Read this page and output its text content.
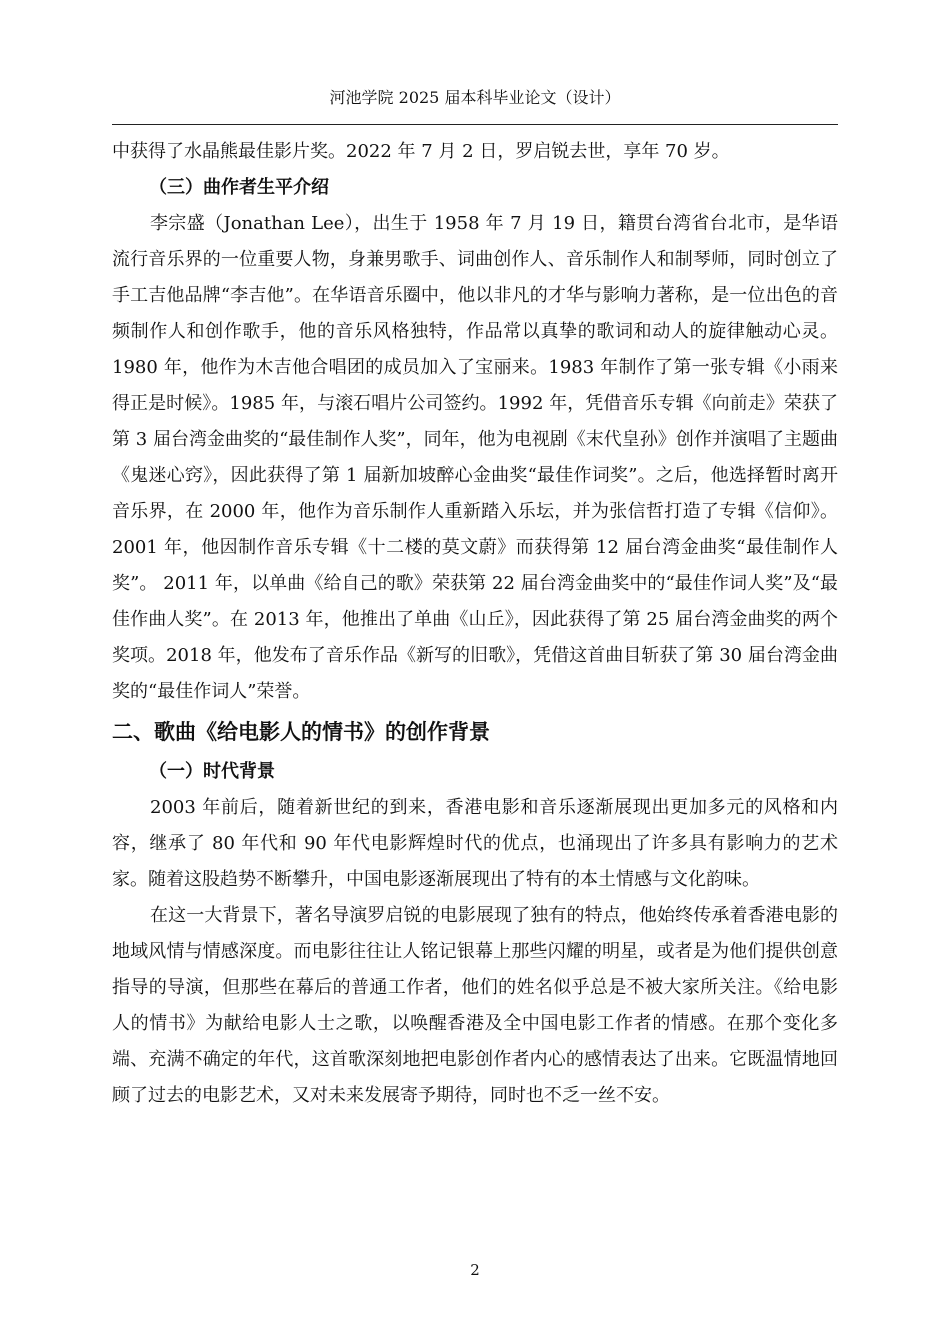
河池学院 2025 届本科毕业论文（设计）

中获得了水晶熊最佳影片奖。2022 年 7 月 2 日，罗启锐去世，享年 70 岁。

（三）曲作者生平介绍

李宗盛（Jonathan Lee），出生于 1958 年 7 月 19 日，籍贯台湾省台北市，是华语流行音乐界的一位重要人物，身兼男歌手、词曲创作人、音乐制作人和制琴师，同时创立了手工吉他品牌“李吉他”。在华语音乐圈中，他以非凡的才华与影响力著称，是一位出色的音频制作人和创作歌手，他的音乐风格独特，作品常以真挚的歌词和动人的旋律触动心灵。1980 年，他作为木吉他合唱团的成员加入了宝丽来。1983 年制作了第一张专辑《小雨来得正是时候》。1985 年，与滚石唱片公司签约。1992 年，凭借音乐专辑《向前走》荣获了第 3 届台湾金曲奖的“最佳制作人奖”，同年，他为电视剧《末代皇孙》创作并演唱了主题曲《鬼迷心窍》，因此获得了第 1 届新加坡醉心金曲奖“最佳作词奖”。之后，他选择暂时离开音乐界，在 2000 年，他作为音乐制作人重新踏入乐坛，并为张信哲打造了专辑《信仰》。2001 年，他因制作音乐专辑《十二楼的莫文蔚》而获得第 12 届台湾金曲奖“最佳制作人奖”。 2011 年，以单曲《给自己的歌》荣获第 22 届台湾金曲奖中的“最佳作词人奖”及“最佳作曲人奖”。在 2013 年，他推出了单曲《山丘》，因此获得了第 25 届台湾金曲奖的两个奖项。2018 年，他发布了音乐作品《新写的旧歌》，凭借这首曲目斩获了第 30 届台湾金曲奖的“最佳作词人”荣誉。

二、歌曲《给电影人的情书》的创作背景

（一）时代背景

2003 年前后，随着新世纪的到来，香港电影和音乐逐渐展现出更加多元的风格和内容，继承了 80 年代和 90 年代电影辉煌时代的优点，也涌现出了许多具有影响力的艺术家。随着这股趋势不断攀升，中国电影逐渐展现出了特有的本土情感与文化韵味。

在这一大背景下，著名导演罗启锐的电影展现了独有的特点，他始终传承着香港电影的地域风情与情感深度。而电影往往让人铭记银幕上那些闪耀的明星，或者是为他们提供创意指导的导演，但那些在幕后的普通工作者，他们的姓名似乎总是不被大家所关注。《给电影人的情书》为献给电影人士之歌，以唤醒香港及全中国电影工作者的情感。在那个变化多端、充满不确定的年代，这首歌深刻地把电影创作者内心的感情表达了出来。它既温情地回顾了过去的电影艺术，又对未来发展寄予期待，同时也不乏一丝不安。

2
